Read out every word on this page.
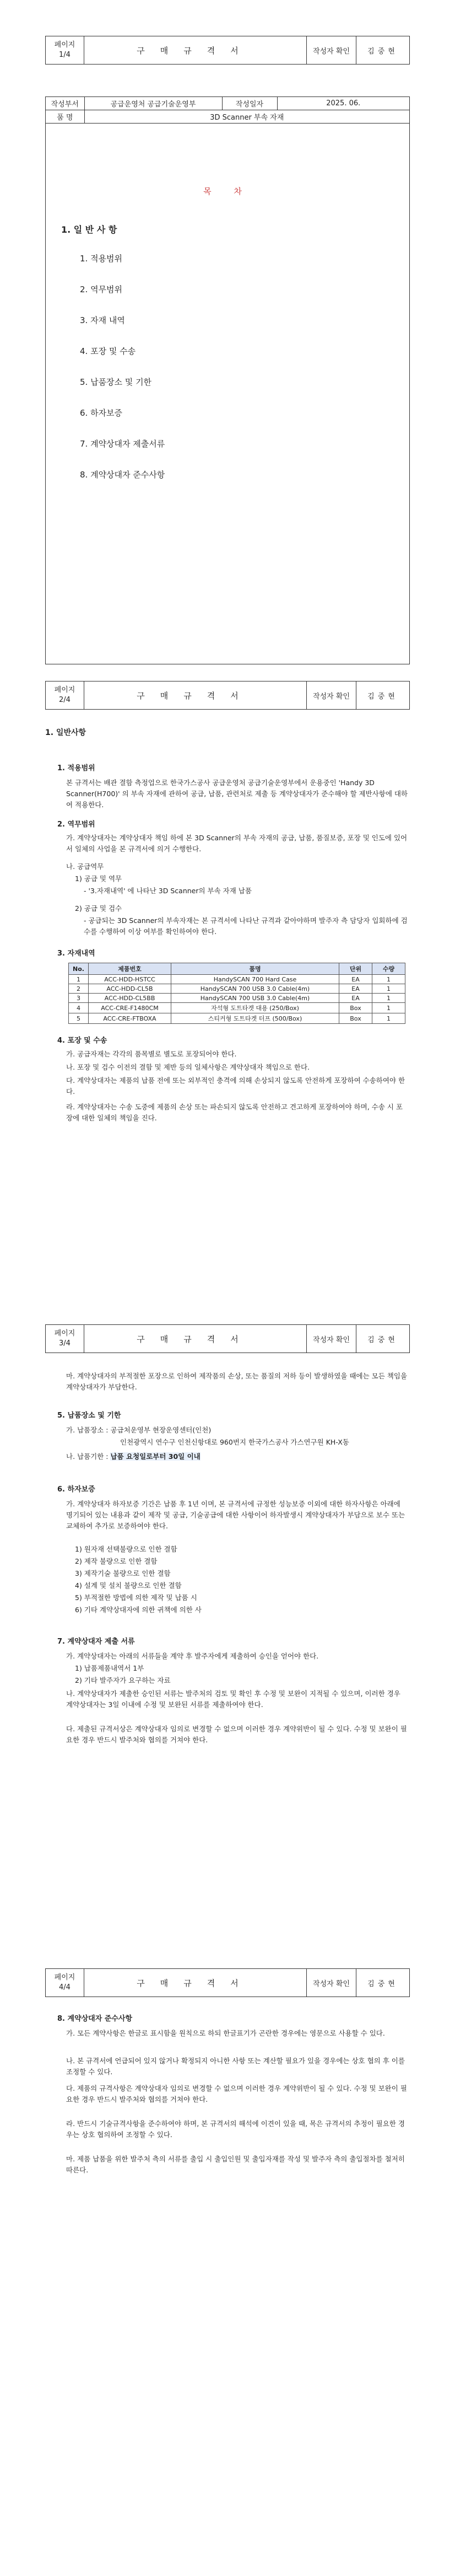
페이지
1/4	구매규격서	작성자 확인	김중현
작성부서	공급운영처 공급기술운영부	작성일자	2025. 06.
품 명	3D Scanner 부속 자재		
목 차
1. 일 반 사 항
1. 적용범위
2. 역무범위
3. 자재 내역
4. 포장 및 수송
5. 납품장소 및 기한
6. 하자보증
7. 계약상대자 제출서류
8. 계약상대자 준수사항
페이지
2/4	구매규격서	작성자 확인	김중현
1. 일반사항
1. 적용범위
본 규격서는 배관 결함 측정업으로 한국가스공사 공급운영처 공급기술운영부에서 운용중인 'Handy 3D Scanner(H700)' 의 부속 자재에 관하여 공급, 납품, 관련처로 제출 등 계약상대자가 준수해야 할 제반사항에 대하여 적용한다.
2. 역무범위
가. 계약상대자는 계약상대자 책임 하에 본 3D Scanner의 부속 자재의 공급, 납품, 품질보증, 포장 및 인도에 있어서 일체의 사업을 본 규격서에 의거 수행한다.
나. 공급역무
1) 공급 및 역무
- '3.자재내역' 에 나타난 3D Scanner의 부속 자재 납품
2) 공급 및 검수
- 공급되는 3D Scanner의 부속자재는 본 규격서에 나타난 규격과 같아야하며 발주자 측 담당자 입회하에 검수를 수행하여 이상 여부를 확인하여야 한다.
3. 자재내역
No.	제품번호	품명	단위	수량
1	ACC-HDD-HSTCC	HandySCAN 700 Hard Case	EA	1
2	ACC-HDD-CL5B	HandySCAN 700 USB 3.0 Cable(4m)	EA	1
3	ACC-HDD-CL5BB	HandySCAN 700 USB 3.0 Cable(4m)	EA	1
4	ACC-CRE-F1480CM	자석형 도트타겟 대용 (250/Box)	Box	1
5	ACC-CRE-FTBOXA	스티커형 도트타겟 터프 (500/Box)	Box	1
4. 포장 및 수송
가. 공급자재는 각각의 품목별로 별도로 포장되어야 한다.
나. 포장 및 검수 이전의 결함 및 제반 등의 일체사항은 계약상대자 책임으로 한다.
다. 계약상대자는 제품의 납품 전에 또는 외부적인 충격에 의해 손상되지 않도록 안전하게 포장하여 수송하여야 한다.
라. 계약상대자는 수송 도중에 제품의 손상 또는 파손되지 않도록 안전하고 견고하게 포장하여야 하며, 수송 시 포장에 대한 일체의 책임을 진다.
페이지
3/4	구매규격서	작성자 확인	김중현
마. 계약상대자의 부적절한 포장으로 인하여 제작품의 손상, 또는 품질의 저하 등이 발생하였을 때에는 모든 책임을 계약상대자가 부담한다.
5. 납품장소 및 기한
가. 납품장소 : 공급처운영부 현장운영센터(인천)
인천광역시 연수구 인천신항대로 960번지 한국가스공사 가스연구원 KH-X동
나. 납품기한 : 납품 요청일로부터 30일 이내
6. 하자보증
가. 계약상대자 하자보증 기간은 납품 후 1년 이며, 본 규격서에 규정한 성능보증 이외에 대한 하자사항은 아래에 명기되어 있는 내용과 같이 제작 및 공급, 기술공급에 대한 사항이어 하자발생시 계약상대자가 부담으로 보수 또는 교체하여 추가로 보증하여야 한다.
1) 원자재 선택불량으로 인한 결함
2) 제작 불량으로 인한 결함
3) 제작기술 불량으로 인한 결함
4) 설계 및 설치 불량으로 인한 결함
5) 부적절한 방법에 의한 제작 및 납품 시
6) 기타 계약상대자에 의한 귀책에 의한 사
7. 계약상대자 제출 서류
가. 계약상대자는 아래의 서류들을 계약 후 발주자에게 제출하여 승인을 얻어야 한다.
1) 납품제품내역서 1부
2) 기타 발주자가 요구하는 자료
나. 계약상대자가 제출한 승인된 서류는 발주처의 검토 및 확인 후 수정 및 보완이 지적될 수 있으며, 이러한 경우 계약상대자는 3일 이내에 수정 및 보완된 서류를 제출하여야 한다.
다. 제출된 규격서상은 계약상대자 임의로 변경할 수 없으며 이러한 경우 계약위반이 될 수 있다. 수정 및 보완이 필요한 경우 반드시 발주처와 협의를 거쳐야 한다.
페이지
4/4	구매규격서	작성자 확인	김중현
8. 계약상대자 준수사항
가. 모든 계약사항은 한글로 표시함을 원칙으로 하되 한글표기가 곤란한 경우에는 영문으로 사용할 수 있다.
나. 본 규격서에 언급되어 있지 않거나 확정되지 아니한 사항 또는 계산할 필요가 있을 경우에는 상호 협의 후 이를 조정할 수 있다.
다. 제품의 규격사항은 계약상대자 임의로 변경할 수 없으며 이러한 경우 계약위반이 될 수 있다. 수정 및 보완이 필요한 경우 반드시 발주처와 협의를 거쳐야 한다.
라. 반드시 기술규격사항을 준수하여야 하며, 본 규격서의 해석에 이견이 있을 때, 목은 규격서의 추정이 필요한 경우는 상호 협의하여 조정할 수 있다.
마. 제품 납품을 위한 발주처 측의 서류를 출입 시 출입인원 및 출입자재를 작성 및 발주자 측의 출입절차를 철저히 따른다.
